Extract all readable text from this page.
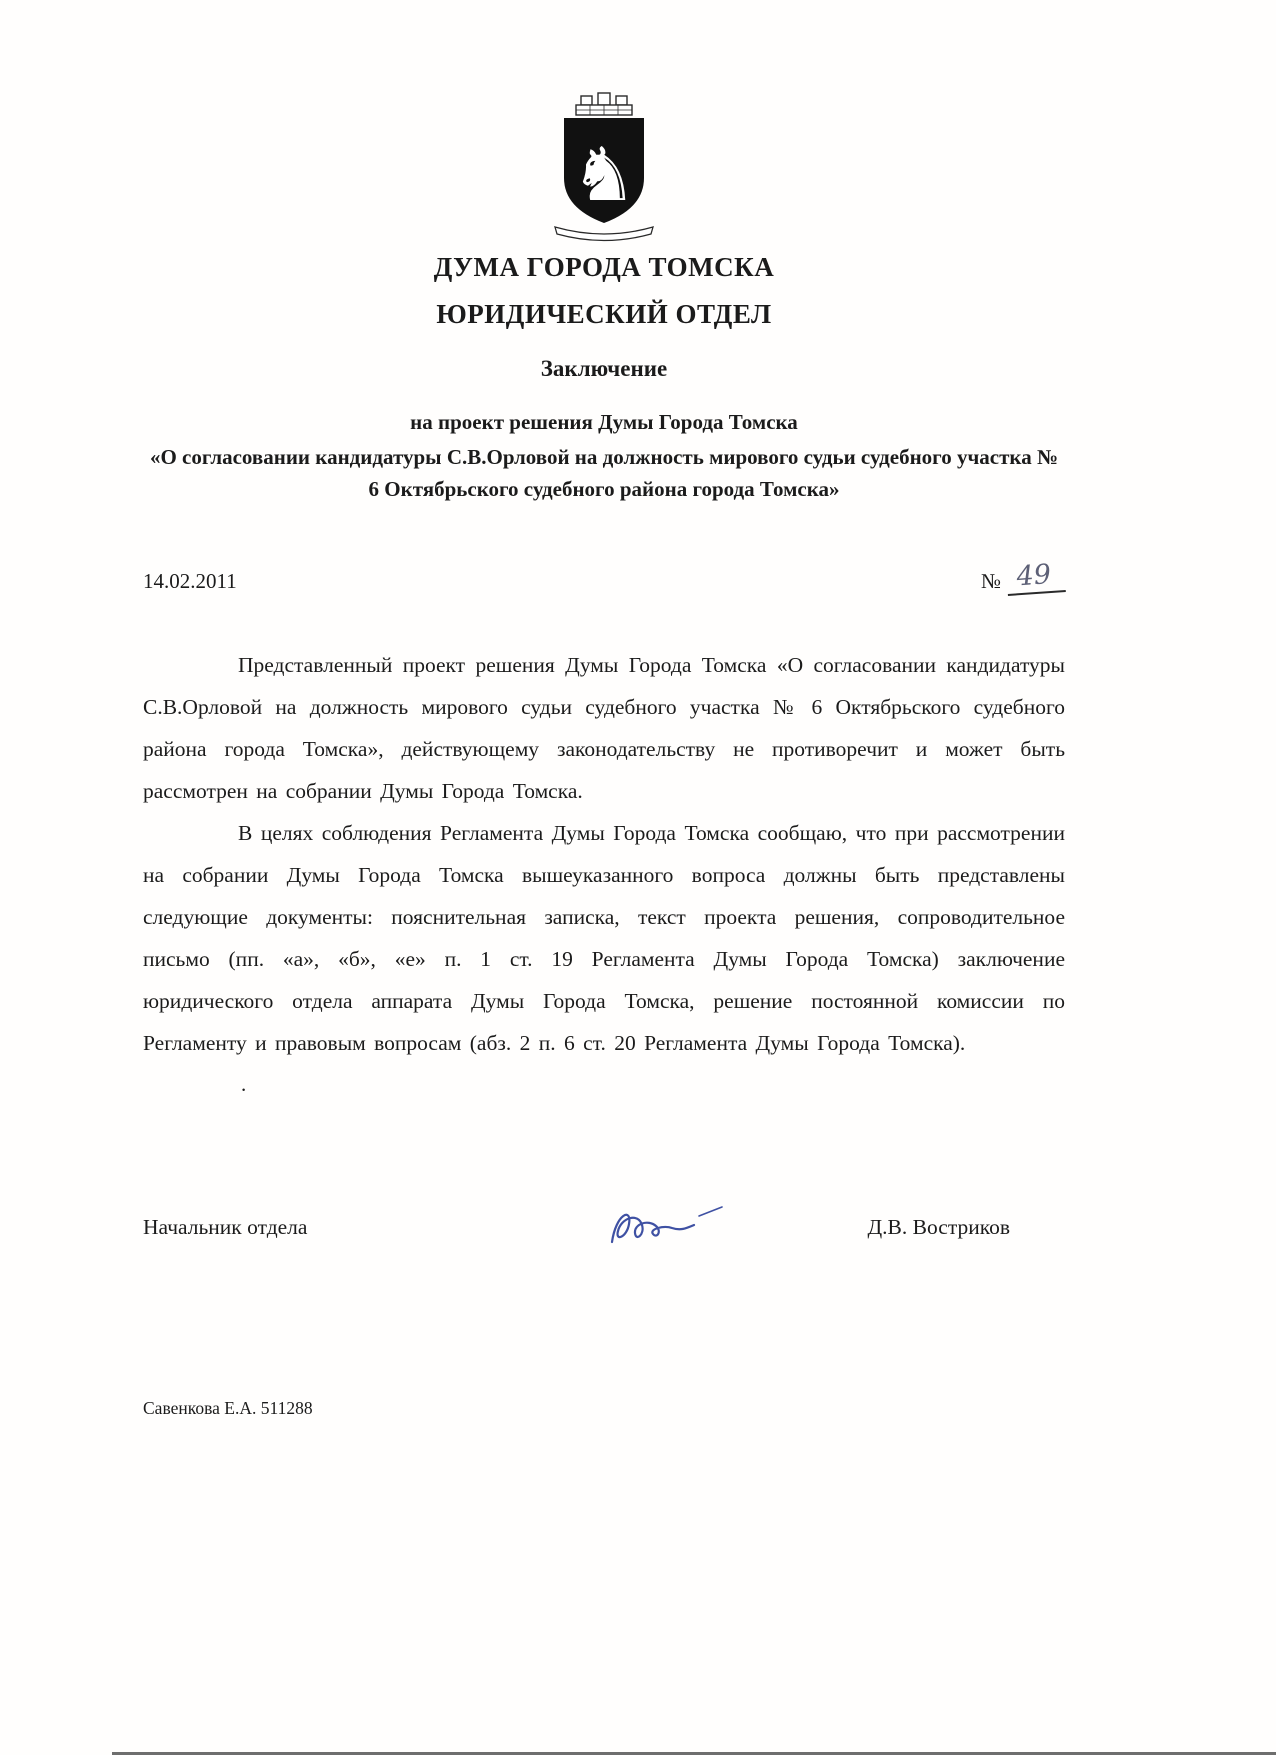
♞
ДУМА ГОРОДА ТОМСКА
ЮРИДИЧЕСКИЙ ОТДЕЛ
Заключение
на проект решения Думы Города Томска
«О согласовании кандидатуры С.В.Орловой на должность мирового судьи судебного участка № 6 Октябрьского судебного района города Томска»
14.02.2011	№ 49

Представленный проект решения Думы Города Томска «О согласовании кандидатуры С.В.Орловой на должность мирового судьи судебного участка № 6 Октябрьского судебного района города Томска», действующему законодательству не противоречит и может быть рассмотрен на собрании Думы Города Томска.

В целях соблюдения Регламента Думы Города Томска сообщаю, что при рассмотрении на собрании Думы Города Томска вышеуказанного вопроса должны быть представлены следующие документы: пояснительная записка, текст проекта решения, сопроводительное письмо (пп. «а», «б», «е» п. 1 ст. 19 Регламента Думы Города Томска) заключение юридического отдела аппарата Думы Города Томска, решение постоянной комиссии по Регламенту и правовым вопросам (абз. 2 п. 6 ст. 20 Регламента Думы Города Томска).

.
Начальник отдела	Д.В. Востриков
Савенкова Е.А. 511288
